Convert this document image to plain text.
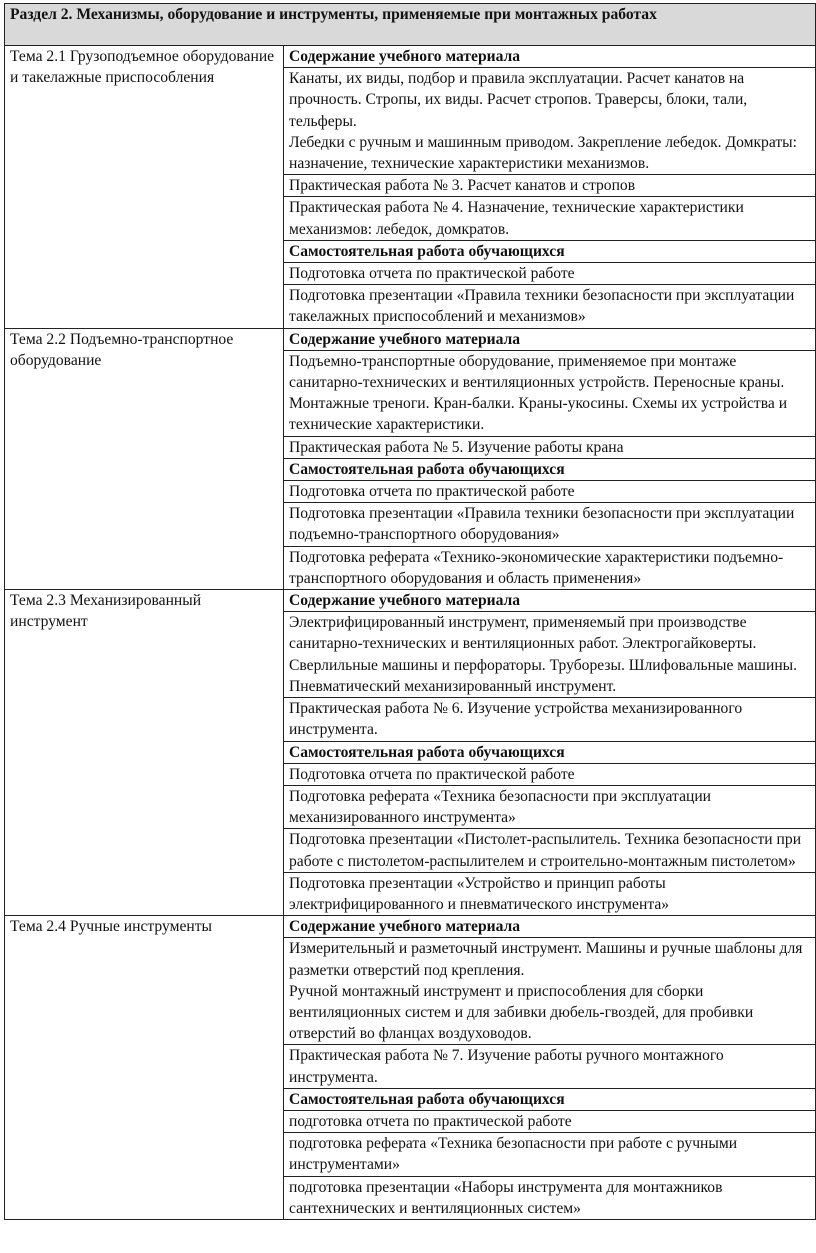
Раздел 2. Механизмы, оборудование и инструменты, применяемые при монтажных работах	
Тема 2.1 Грузоподъемное оборудование и такелажные приспособления	Содержание учебного материала

	Канаты, их виды, подбор и правила эксплуатации. Расчет канатов на прочность. Стропы, их виды. Расчет стропов. Траверсы, блоки, тали, тельферы.
Лебедки с ручным и машинным приводом. Закрепление лебедок. Домкраты: назначение, технические характеристики механизмов.

	Практическая работа № 3. Расчет канатов и стропов
	Практическая работа № 4. Назначение, технические характеристики механизмов: лебедок, домкратов.
	Самостоятельная работа обучающихся
	Подготовка отчета по практической работе
	Подготовка презентации «Правила техники безопасности при эксплуатации такелажных приспособлений и механизмов»
Тема 2.2 Подъемно-транспортное оборудование	Содержание учебного материала

	Подъемно-транспортные оборудование, применяемое при монтаже санитарно-технических и вентиляционных устройств. Переносные краны. Монтажные треноги. Кран-балки. Краны-укосины. Схемы их устройства и технические характеристики.

	Практическая работа № 5. Изучение работы крана
	Самостоятельная работа обучающихся
	Подготовка отчета по практической работе
	Подготовка презентации «Правила техники безопасности при эксплуатации подъемно-транспортного оборудования»
	Подготовка реферата «Технико-экономические характеристики подъемно-транспортного оборудования и область применения»
Тема 2.3 Механизированный инструмент	Содержание учебного материала

	Электрифицированный инструмент, применяемый при производстве санитарно-технических и вентиляционных работ. Электрогайковерты. Сверлильные машины и перфораторы. Труборезы. Шлифовальные машины.
Пневматический механизированный инструмент.

	Практическая работа № 6. Изучение устройства механизированного инструмента.
	Самостоятельная работа обучающихся
	Подготовка отчета по практической работе
	Подготовка реферата «Техника безопасности при эксплуатации механизированного инструмента»
	Подготовка презентации «Пистолет-распылитель. Техника безопасности при работе с пистолетом-распылителем и строительно-монтажным пистолетом»
	Подготовка презентации «Устройство и принцип работы электрифицированного и пневматического инструмента»
Тема 2.4 Ручные инструменты	Содержание учебного материала

	Измерительный и разметочный инструмент. Машины и ручные шаблоны для разметки отверстий под крепления.
Ручной монтажный инструмент и приспособления для сборки вентиляционных систем и для забивки дюбель-гвоздей, для пробивки отверстий во фланцах воздуховодов.

	Практическая работа № 7. Изучение работы ручного монтажного инструмента.
	Самостоятельная работа обучающихся
	подготовка отчета по практической работе
	подготовка реферата «Техника безопасности при работе с ручными инструментами»
	подготовка презентации «Наборы инструмента для монтажников сантехнических и вентиляционных систем»
